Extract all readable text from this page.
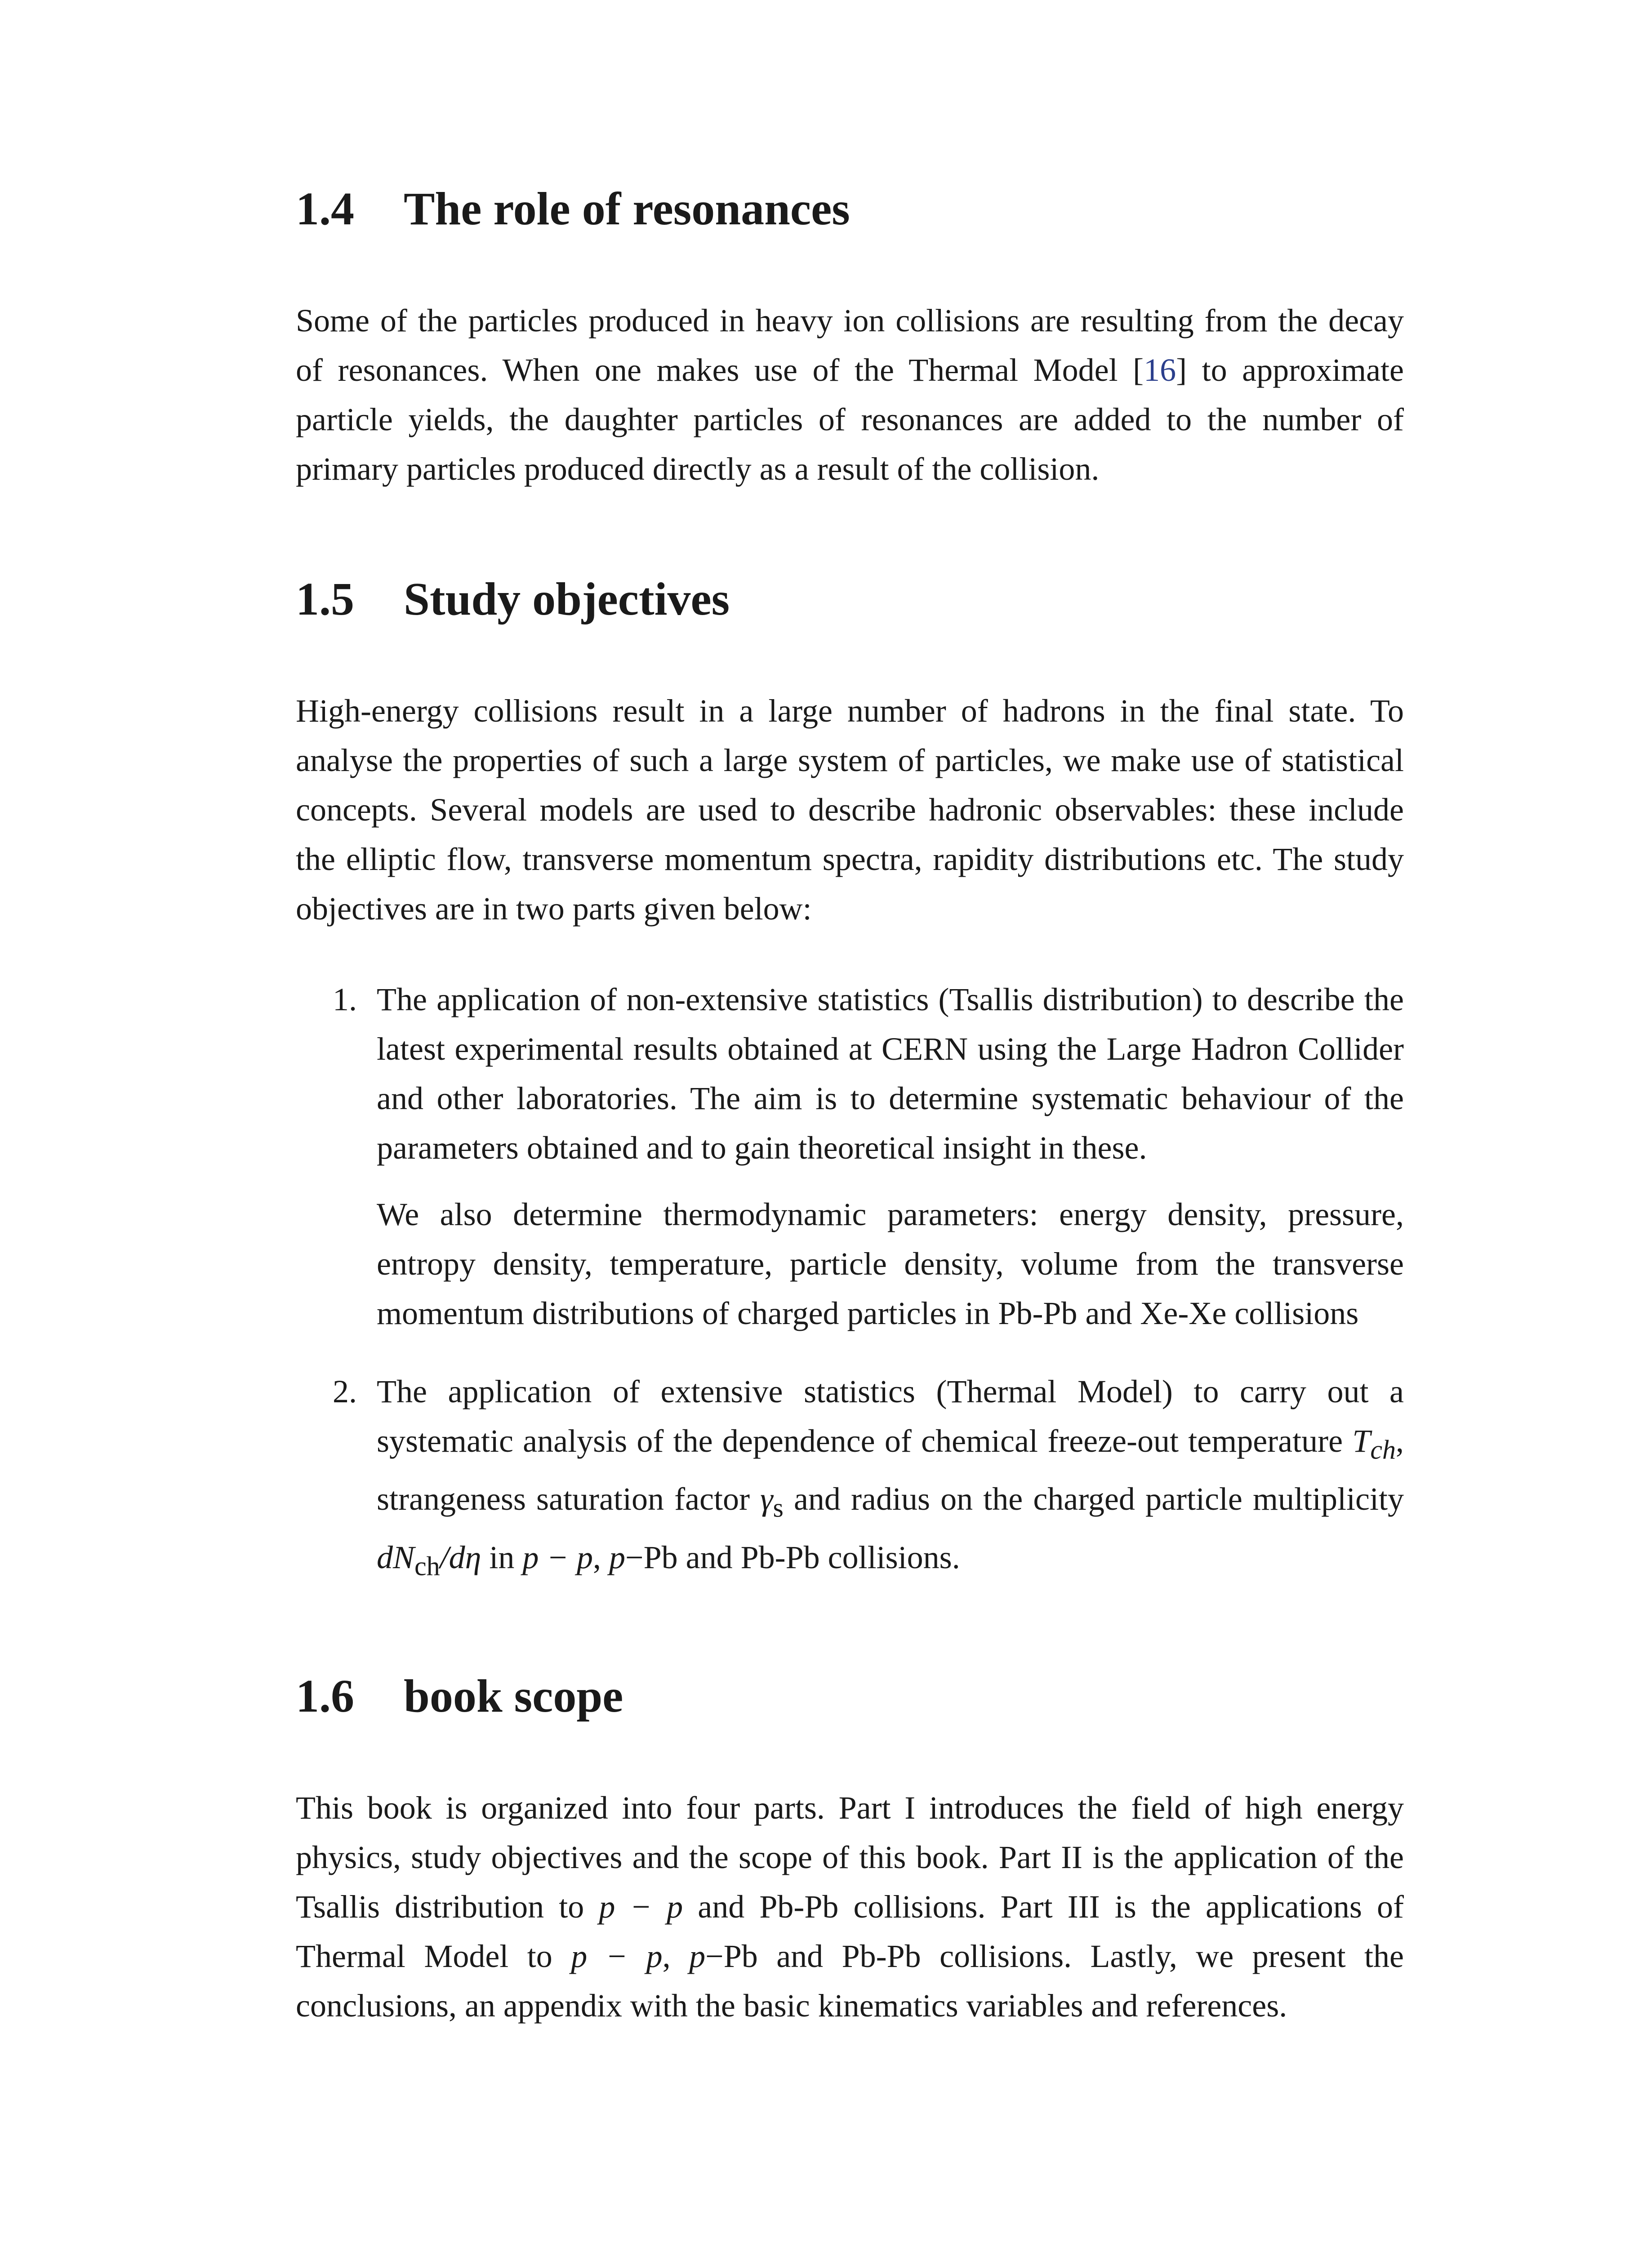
1.4	The role of resonances

Some of the particles produced in heavy ion collisions are resulting from the decay of resonances. When one makes use of the Thermal Model [16] to approximate particle yields, the daughter particles of resonances are added to the number of primary particles produced directly as a result of the collision.

1.5	Study objectives

High-energy collisions result in a large number of hadrons in the final state. To analyse the properties of such a large system of particles, we make use of statistical concepts. Several models are used to describe hadronic observables: these include the elliptic flow, transverse momentum spectra, rapidity distributions etc. The study objectives are in two parts given below:

1. The application of non-extensive statistics (Tsallis distribution) to describe the latest experimental results obtained at CERN using the Large Hadron Collider and other laboratories. The aim is to determine systematic behaviour of the parameters obtained and to gain theoretical insight in these.

We also determine thermodynamic parameters: energy density, pressure, entropy density, temperature, particle density, volume from the transverse momentum distributions of charged particles in Pb-Pb and Xe-Xe collisions

2. The application of extensive statistics (Thermal Model) to carry out a systematic analysis of the dependence of chemical freeze-out temperature $T_{ch}$, strangeness saturation factor $\gamma_s$ and radius on the charged particle multiplicity $dN_{ch}/d\eta$ in p − p, p−Pb and Pb-Pb collisions.

1.6	book scope

This book is organized into four parts. Part I introduces the field of high energy physics, study objectives and the scope of this book. Part II is the application of the Tsallis distribution to p − p and Pb-Pb collisions. Part III is the applications of Thermal Model to p − p, p−Pb and Pb-Pb collisions. Lastly, we present the conclusions, an appendix with the basic kinematics variables and references.
